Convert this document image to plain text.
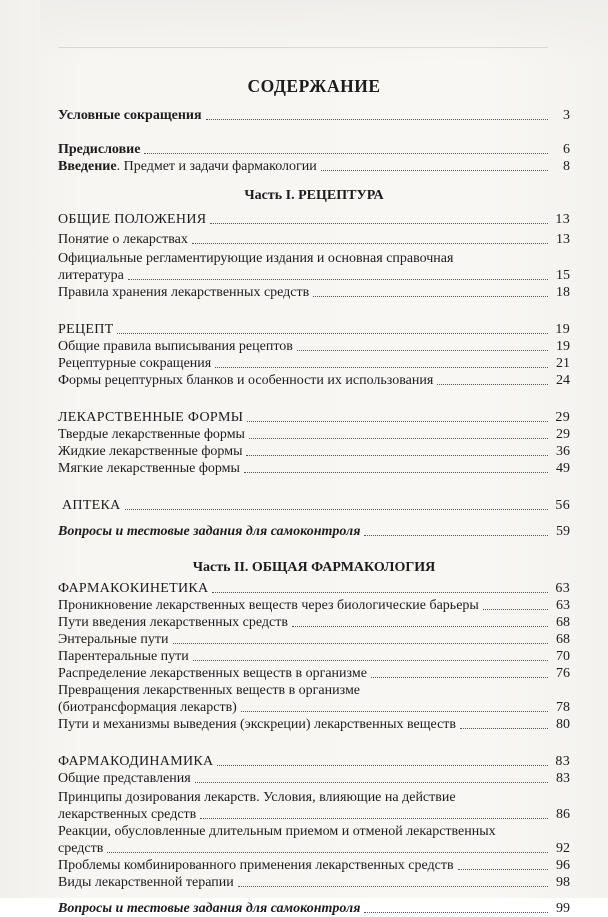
СОДЕРЖАНИЕ
Условные сокращения	3
Предисловие	6
Введение. Предмет и задачи фармакологии	8
Часть I. РЕЦЕПТУРА
ОБЩИЕ ПОЛОЖЕНИЯ	13
Понятие о лекарствах	13
Официальные регламентирующие издания и основная справочная
литература	15
Правила хранения лекарственных средств	18
РЕЦЕПТ	19
Общие правила выписывания рецептов	19
Рецептурные сокращения	21
Формы рецептурных бланков и особенности их использования	24
ЛЕКАРСТВЕННЫЕ ФОРМЫ	29
Твердые лекарственные формы	29
Жидкие лекарственные формы	36
Мягкие лекарственные формы	49
АПТЕКА	56
Вопросы и тестовые задания для самоконтроля	59
Часть II. ОБЩАЯ ФАРМАКОЛОГИЯ
ФАРМАКОКИНЕТИКА	63
Проникновение лекарственных веществ через биологические барьеры	63
Пути введения лекарственных средств	68
Энтеральные пути	68
Парентеральные пути	70
Распределение лекарственных веществ в организме	76
Превращения лекарственных веществ в организме
(биотрансформация лекарств)	78
Пути и механизмы выведения (экскреции) лекарственных веществ	80
ФАРМАКОДИНАМИКА	83
Общие представления	83
Принципы дозирования лекарств. Условия, влияющие на действие
лекарственных средств	86
Реакции, обусловленные длительным приемом и отменой лекарственных
средств	92
Проблемы комбинированного применения лекарственных средств	96
Виды лекарственной терапии	98
Вопросы и тестовые задания для самоконтроля	99
